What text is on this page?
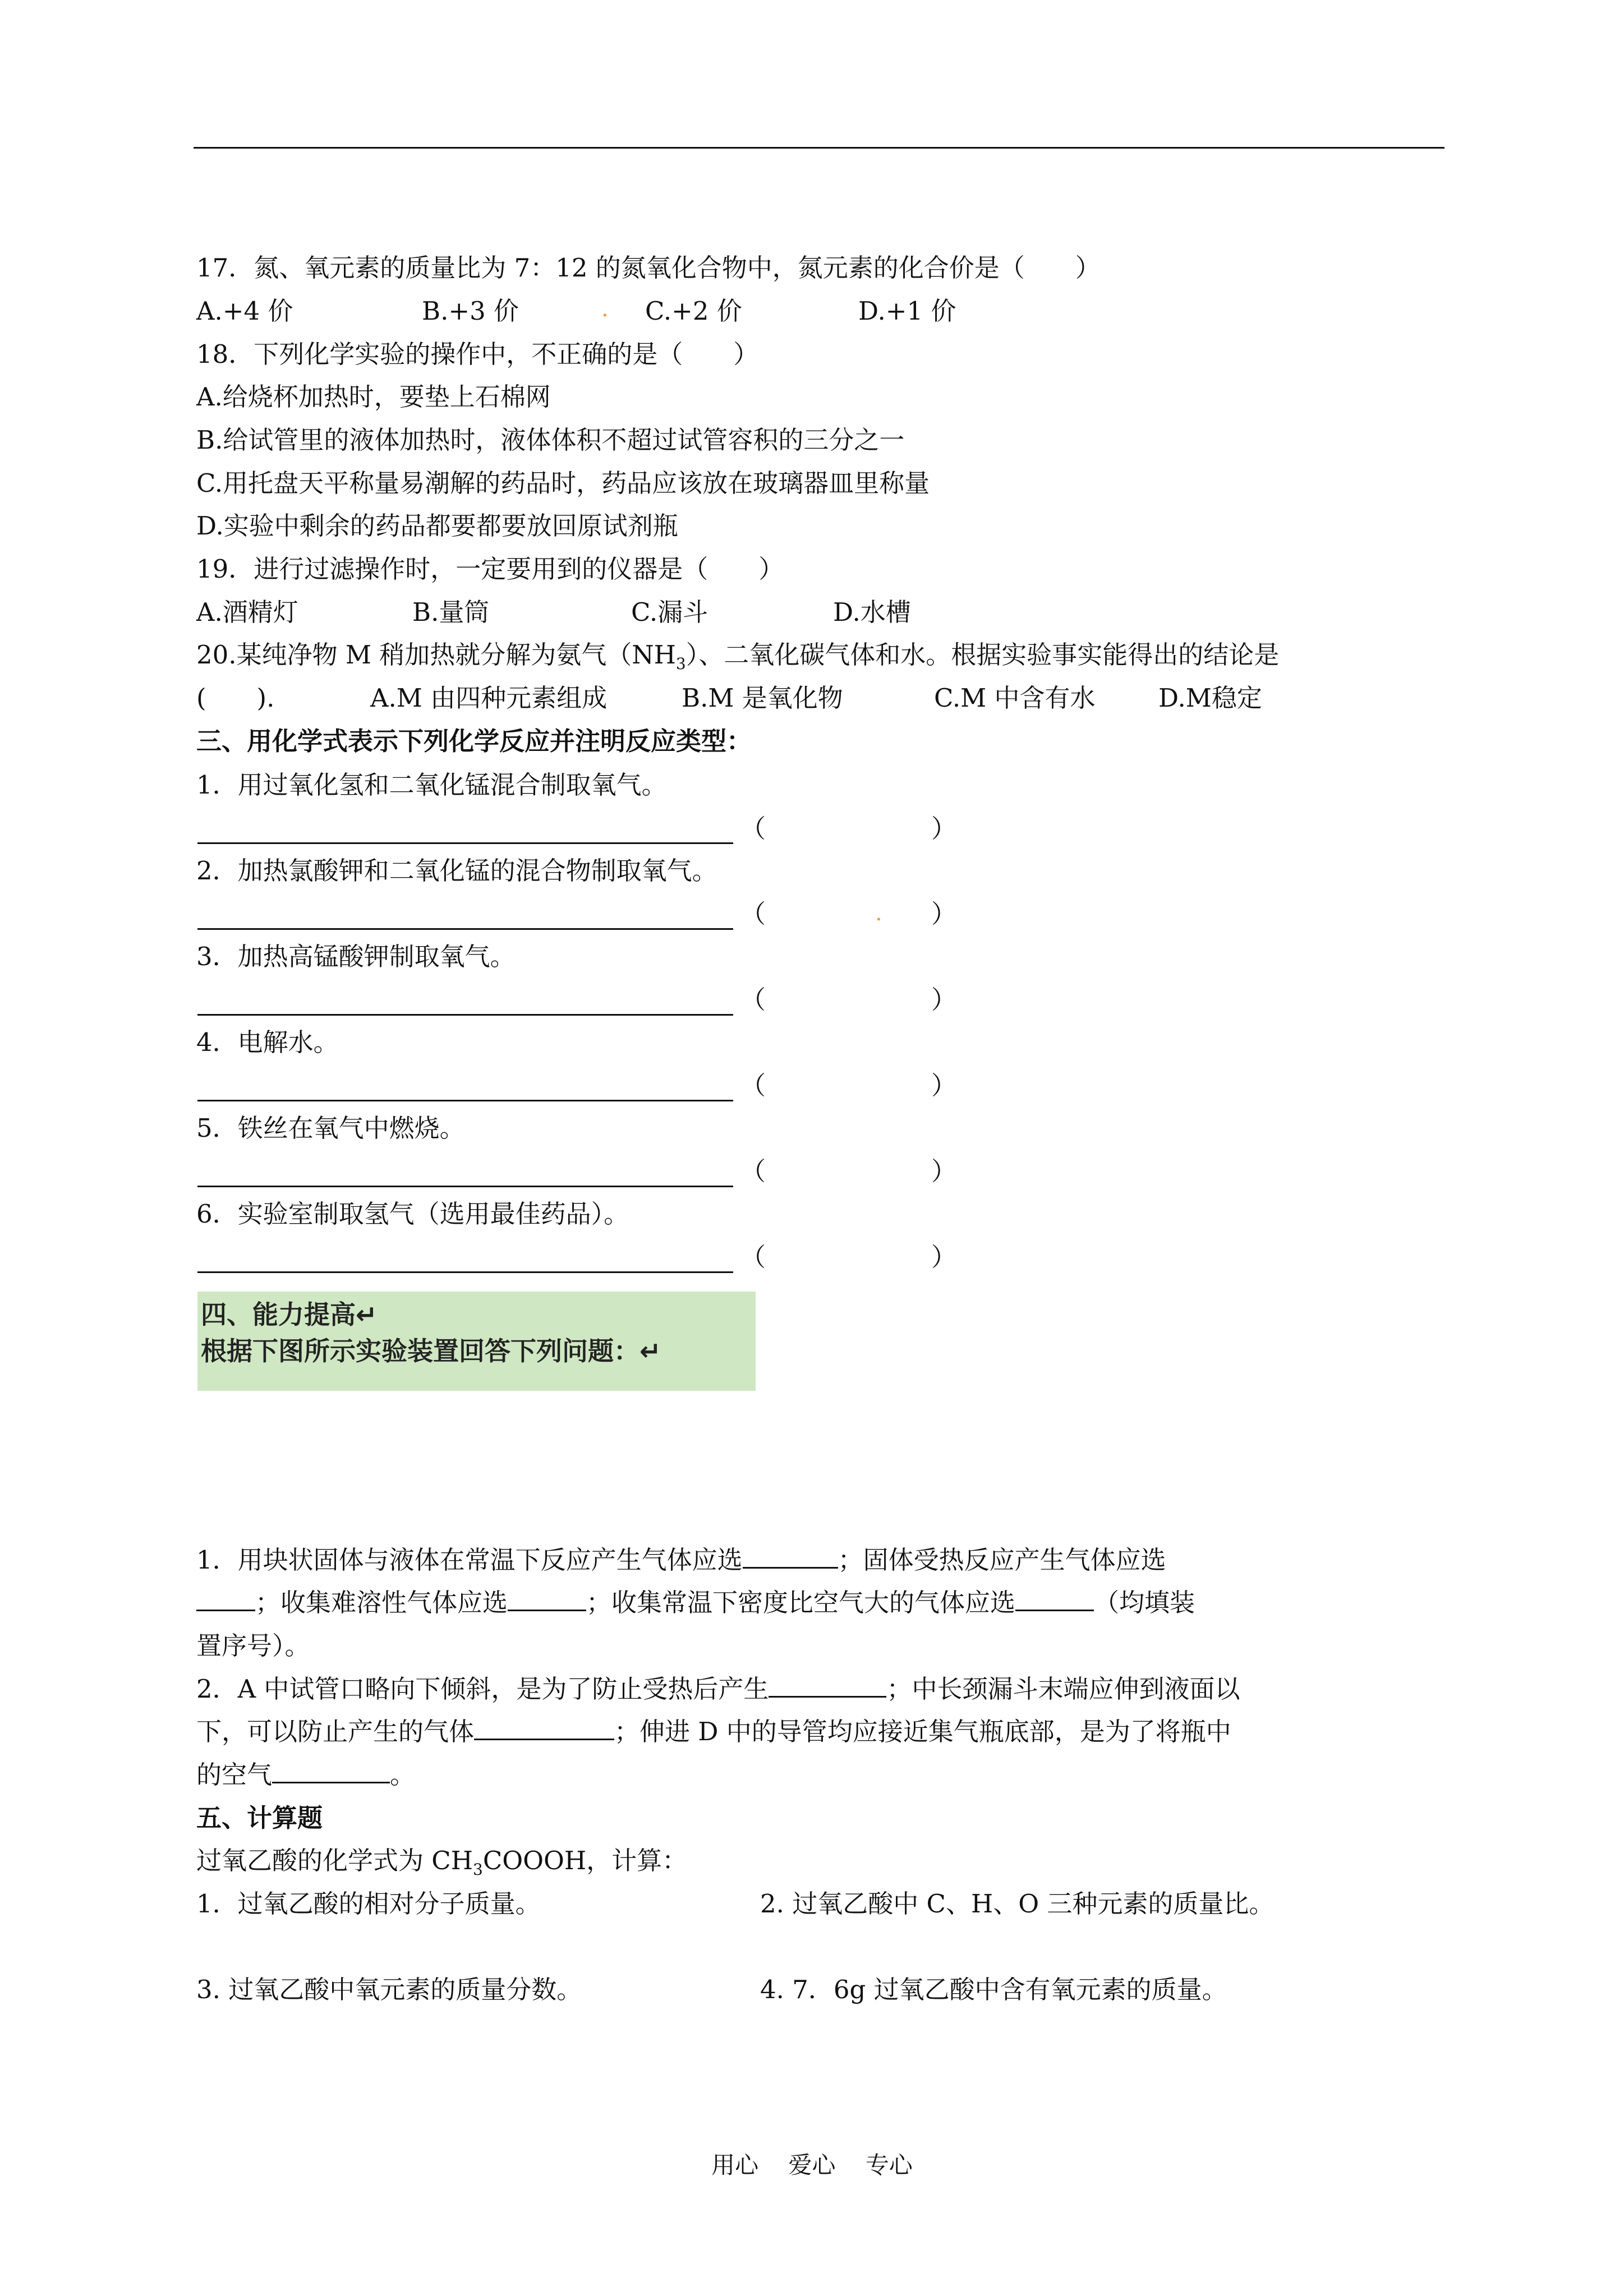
17．氮、氧元素的质量比为 7：12 的氮氧化合物中，氮元素的化合价是（　　）
A.+4 价	B.+3 价	C.+2 价	D.+1 价
.
18．下列化学实验的操作中，不正确的是（　　）
A.给烧杯加热时，要垫上石棉网
B.给试管里的液体加热时，液体体积不超过试管容积的三分之一
C.用托盘天平称量易潮解的药品时，药品应该放在玻璃器皿里称量
D.实验中剩余的药品都要都要放回原试剂瓶
19．进行过滤操作时，一定要用到的仪器是（　　）
A.酒精灯	B.量筒	C.漏斗	D.水槽
20.某纯净物 M 稍加热就分解为氨气$(NH_3)$、二氧化碳气体和水。根据实验事实能得出的结论是
(　　).	A.M 由四种元素组成	B.M 是氧化物	C.M 中含有水 D.M稳定
三、用化学式表示下列化学反应并注明反应类型：
1．用过氧化氢和二氧化锰混合制取氧气。
（	）
2．加热氯酸钾和二氧化锰的混合物制取氧气。
（	）
.
3．加热高锰酸钾制取氧气。
（	）
4．电解水。
（	）
5．铁丝在氧气中燃烧。
（	）
6．实验室制取氢气（选用最佳药品）。
（	）
四、能力提高↵
根据下图所示实验装置回答下列问题：↵
1．用块状固体与液体在常温下反应产生气体应选	；固体受热反应产生气体应选
；收集难溶性气体应选	；收集常温下密度比空气大的气体应选	（均填装
置序号）。
2．A 中试管口略向下倾斜，是为了防止受热后产生	；中长颈漏斗末端应伸到液面以
下，可以防止产生的气体	；伸进 D 中的导管均应接近集气瓶底部，是为了将瓶中
的空气	。
五、计算题
过氧乙酸的化学式为 $CH_3COOOH$，计算：
1．过氧乙酸的相对分子质量。	2. 过氧乙酸中 C、H、O 三种元素的质量比。
3. 过氧乙酸中氧元素的质量分数。	4. 7．6g 过氧乙酸中含有氧元素的质量。
用心 爱心 专心
